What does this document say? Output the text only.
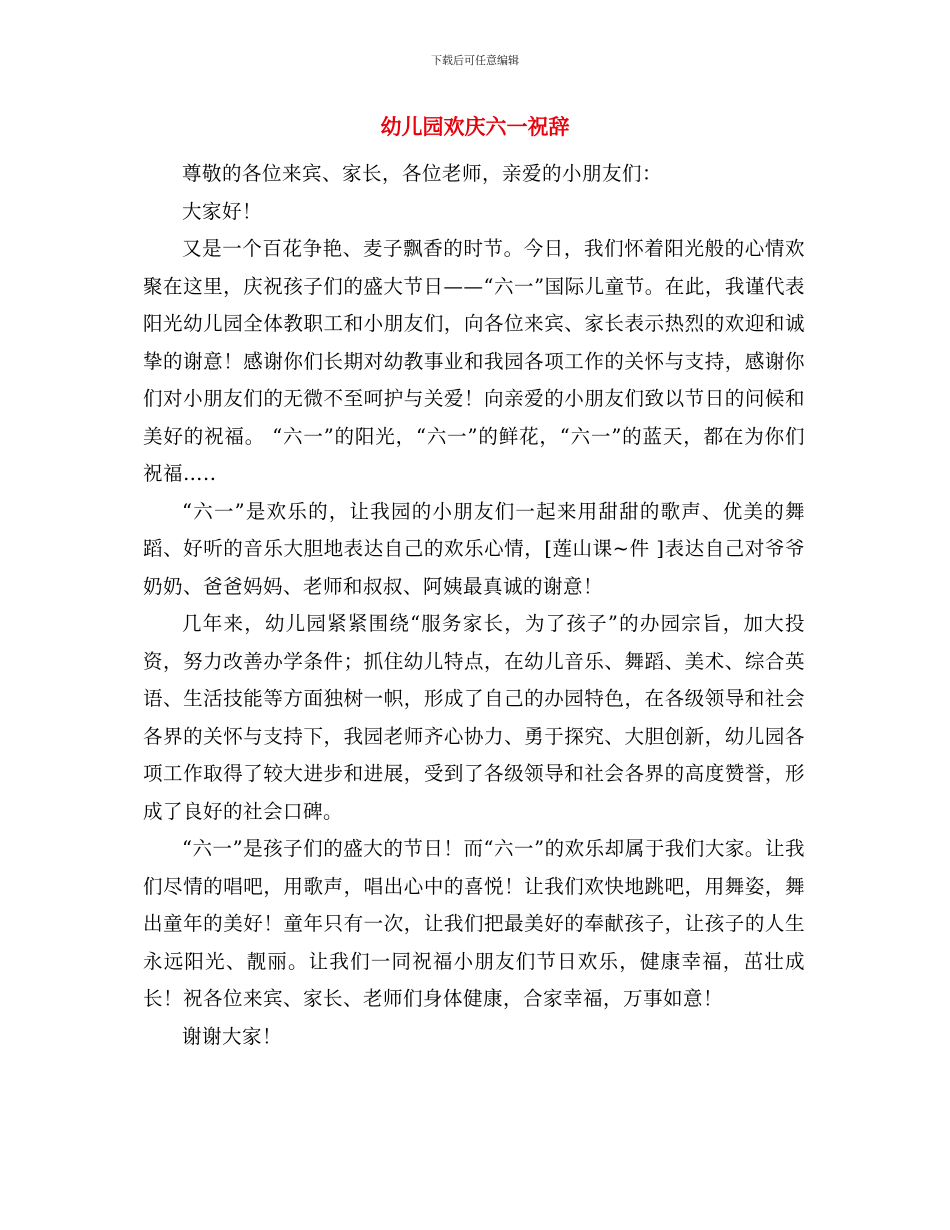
下载后可任意编辑
幼儿园欢庆六一祝辞

尊敬的各位来宾、家长，各位老师，亲爱的小朋友们：

大家好！

又是一个百花争艳、麦子飘香的时节。今日，我们怀着阳光般的心情欢聚在这里，庆祝孩子们的盛大节日——“六一”国际儿童节。在此，我谨代表阳光幼儿园全体教职工和小朋友们，向各位来宾、家长表示热烈的欢迎和诚挚的谢意！感谢你们长期对幼教事业和我园各项工作的关怀与支持，感谢你们对小朋友们的无微不至呵护与关爱！向亲爱的小朋友们致以节日的问候和美好的祝福。 “六一”的阳光，“六一”的鲜花，“六一”的蓝天，都在为你们祝福…..

“六一”是欢乐的，让我园的小朋友们一起来用甜甜的歌声、优美的舞蹈、好听的音乐大胆地表达自己的欢乐心情，[莲山课~件 ]表达自己对爷爷奶奶、爸爸妈妈、老师和叔叔、阿姨最真诚的谢意！

几年来，幼儿园紧紧围绕“服务家长，为了孩子”的办园宗旨，加大投资，努力改善办学条件；抓住幼儿特点，在幼儿音乐、舞蹈、美术、综合英语、生活技能等方面独树一帜，形成了自己的办园特色，在各级领导和社会各界的关怀与支持下，我园老师齐心协力、勇于探究、大胆创新，幼儿园各项工作取得了较大进步和进展，受到了各级领导和社会各界的高度赞誉，形成了良好的社会口碑。

“六一”是孩子们的盛大的节日！而“六一”的欢乐却属于我们大家。让我们尽情的唱吧，用歌声，唱出心中的喜悦！让我们欢快地跳吧，用舞姿，舞出童年的美好！童年只有一次，让我们把最美好的奉献孩子，让孩子的人生永远阳光、靓丽。让我们一同祝福小朋友们节日欢乐，健康幸福，茁壮成长！祝各位来宾、家长、老师们身体健康，合家幸福，万事如意！

谢谢大家！
